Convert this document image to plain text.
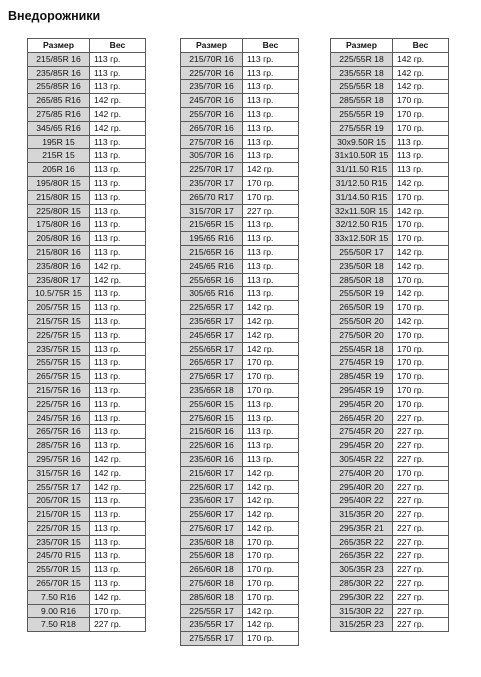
Внедорожники
Размер	Вес
215/85R 16	113 гр.
235/85R 16	113 гр.
255/85R 16	113 гр.
265/85 R16	142 гр.
275/85 R16	142 гр.
345/65 R16	142 гр.
195R 15	113 гр.
215R 15	113 гр.
205R 16	113 гр.
195/80R 15	113 гр.
215/80R 15	113 гр.
225/80R 15	113 гр.
175/80R 16	113 гр.
205/80R 16	113 гр.
215/80R 16	113 гр.
235/80R 16	142 гр.
235/80R 17	142 гр.
10.5/75R 15	113 гр.
205/75R 15	113 гр.
215/75R 15	113 гр.
225/75R 15	113 гр.
235/75R 15	113 гр.
255/75R 15	113 гр.
265/75R 15	113 гр.
215/75R 16	113 гр.
225/75R 16	113 гр.
245/75R 16	113 гр.
265/75R 16	113 гр.
285/75R 16	113 гр.
295/75R 16	142 гр.
315/75R 16	142 гр.
255/75R 17	142 гр.
205/70R 15	113 гр.
215/70R 15	113 гр.
225/70R 15	113 гр.
235/70R 15	113 гр.
245/70 R15	113 гр.
255/70R 15	113 гр.
265/70R 15	113 гр.
7.50 R16	142 гр.
9.00 R16	170 гр.
7.50 R18	227 гр.
Размер	Вес
215/70R 16	113 гр.
225/70R 16	113 гр.
235/70R 16	113 гр.
245/70R 16	113 гр.
255/70R 16	113 гр.
265/70R 16	113 гр.
275/70R 16	113 гр.
305/70R 16	113 гр.
225/70R 17	142 гр.
235/70R 17	170 гр.
265/70 R17	170 гр.
315/70R 17	227 гр.
215/65R 15	113 гр.
195/65 R16	113 гр.
215/65R 16	113 гр.
245/65 R16	113 гр.
255/65R 16	113 гр.
305/65 R16	113 гр.
225/65R 17	142 гр.
235/65R 17	142 гр.
245/65R 17	142 гр.
255/65R 17	142 гр.
265/65R 17	170 гр.
275/65R 17	170 гр.
235/65R 18	170 гр.
255/60R 15	113 гр.
275/60R 15	113 гр.
215/60R 16	113 гр.
225/60R 16	113 гр.
235/60R 16	113 гр.
215/60R 17	142 гр.
225/60R 17	142 гр.
235/60R 17	142 гр.
255/60R 17	142 гр.
275/60R 17	142 гр.
235/60R 18	170 гр.
255/60R 18	170 гр.
265/60R 18	170 гр.
275/60R 18	170 гр.
285/60R 18	170 гр.
225/55R 17	142 гр.
235/55R 17	142 гр.
275/55R 17	170 гр.
Размер	Вес
225/55R 18	142 гр.
235/55R 18	142 гр.
255/55R 18	142 гр.
285/55R 18	170 гр.
255/55R 19	170 гр.
275/55R 19	170 гр.
30x9.50R 15	113 гр.
31x10.50R 15	113 гр.
31/11.50 R15	113 гр.
31/12.50 R15	142 гр.
31/14.50 R15	170 гр.
32x11.50R 15	142 гр.
32/12.50 R15	170 гр.
33x12.50R 15	170 гр.
255/50R 17	142 гр.
235/50R 18	142 гр.
285/50R 18	170 гр.
255/50R 19	142 гр.
265/50R 19	170 гр.
255/50R 20	142 гр.
275/50R 20	170 гр.
255/45R 18	170 гр.
275/45R 19	170 гр.
285/45R 19	170 гр.
295/45R 19	170 гр.
295/45R 20	170 гр.
265/45R 20	227 гр.
275/45R 20	227 гр.
295/45R 20	227 гр.
305/45R 22	227 гр.
275/40R 20	170 гр.
295/40R 20	227 гр.
295/40R 22	227 гр.
315/35R 20	227 гр.
295/35R 21	227 гр.
265/35R 22	227 гр.
265/35R 22	227 гр.
305/35R 23	227 гр.
285/30R 22	227 гр.
295/30R 22	227 гр.
315/30R 22	227 гр.
315/25R 23	227 гр.
